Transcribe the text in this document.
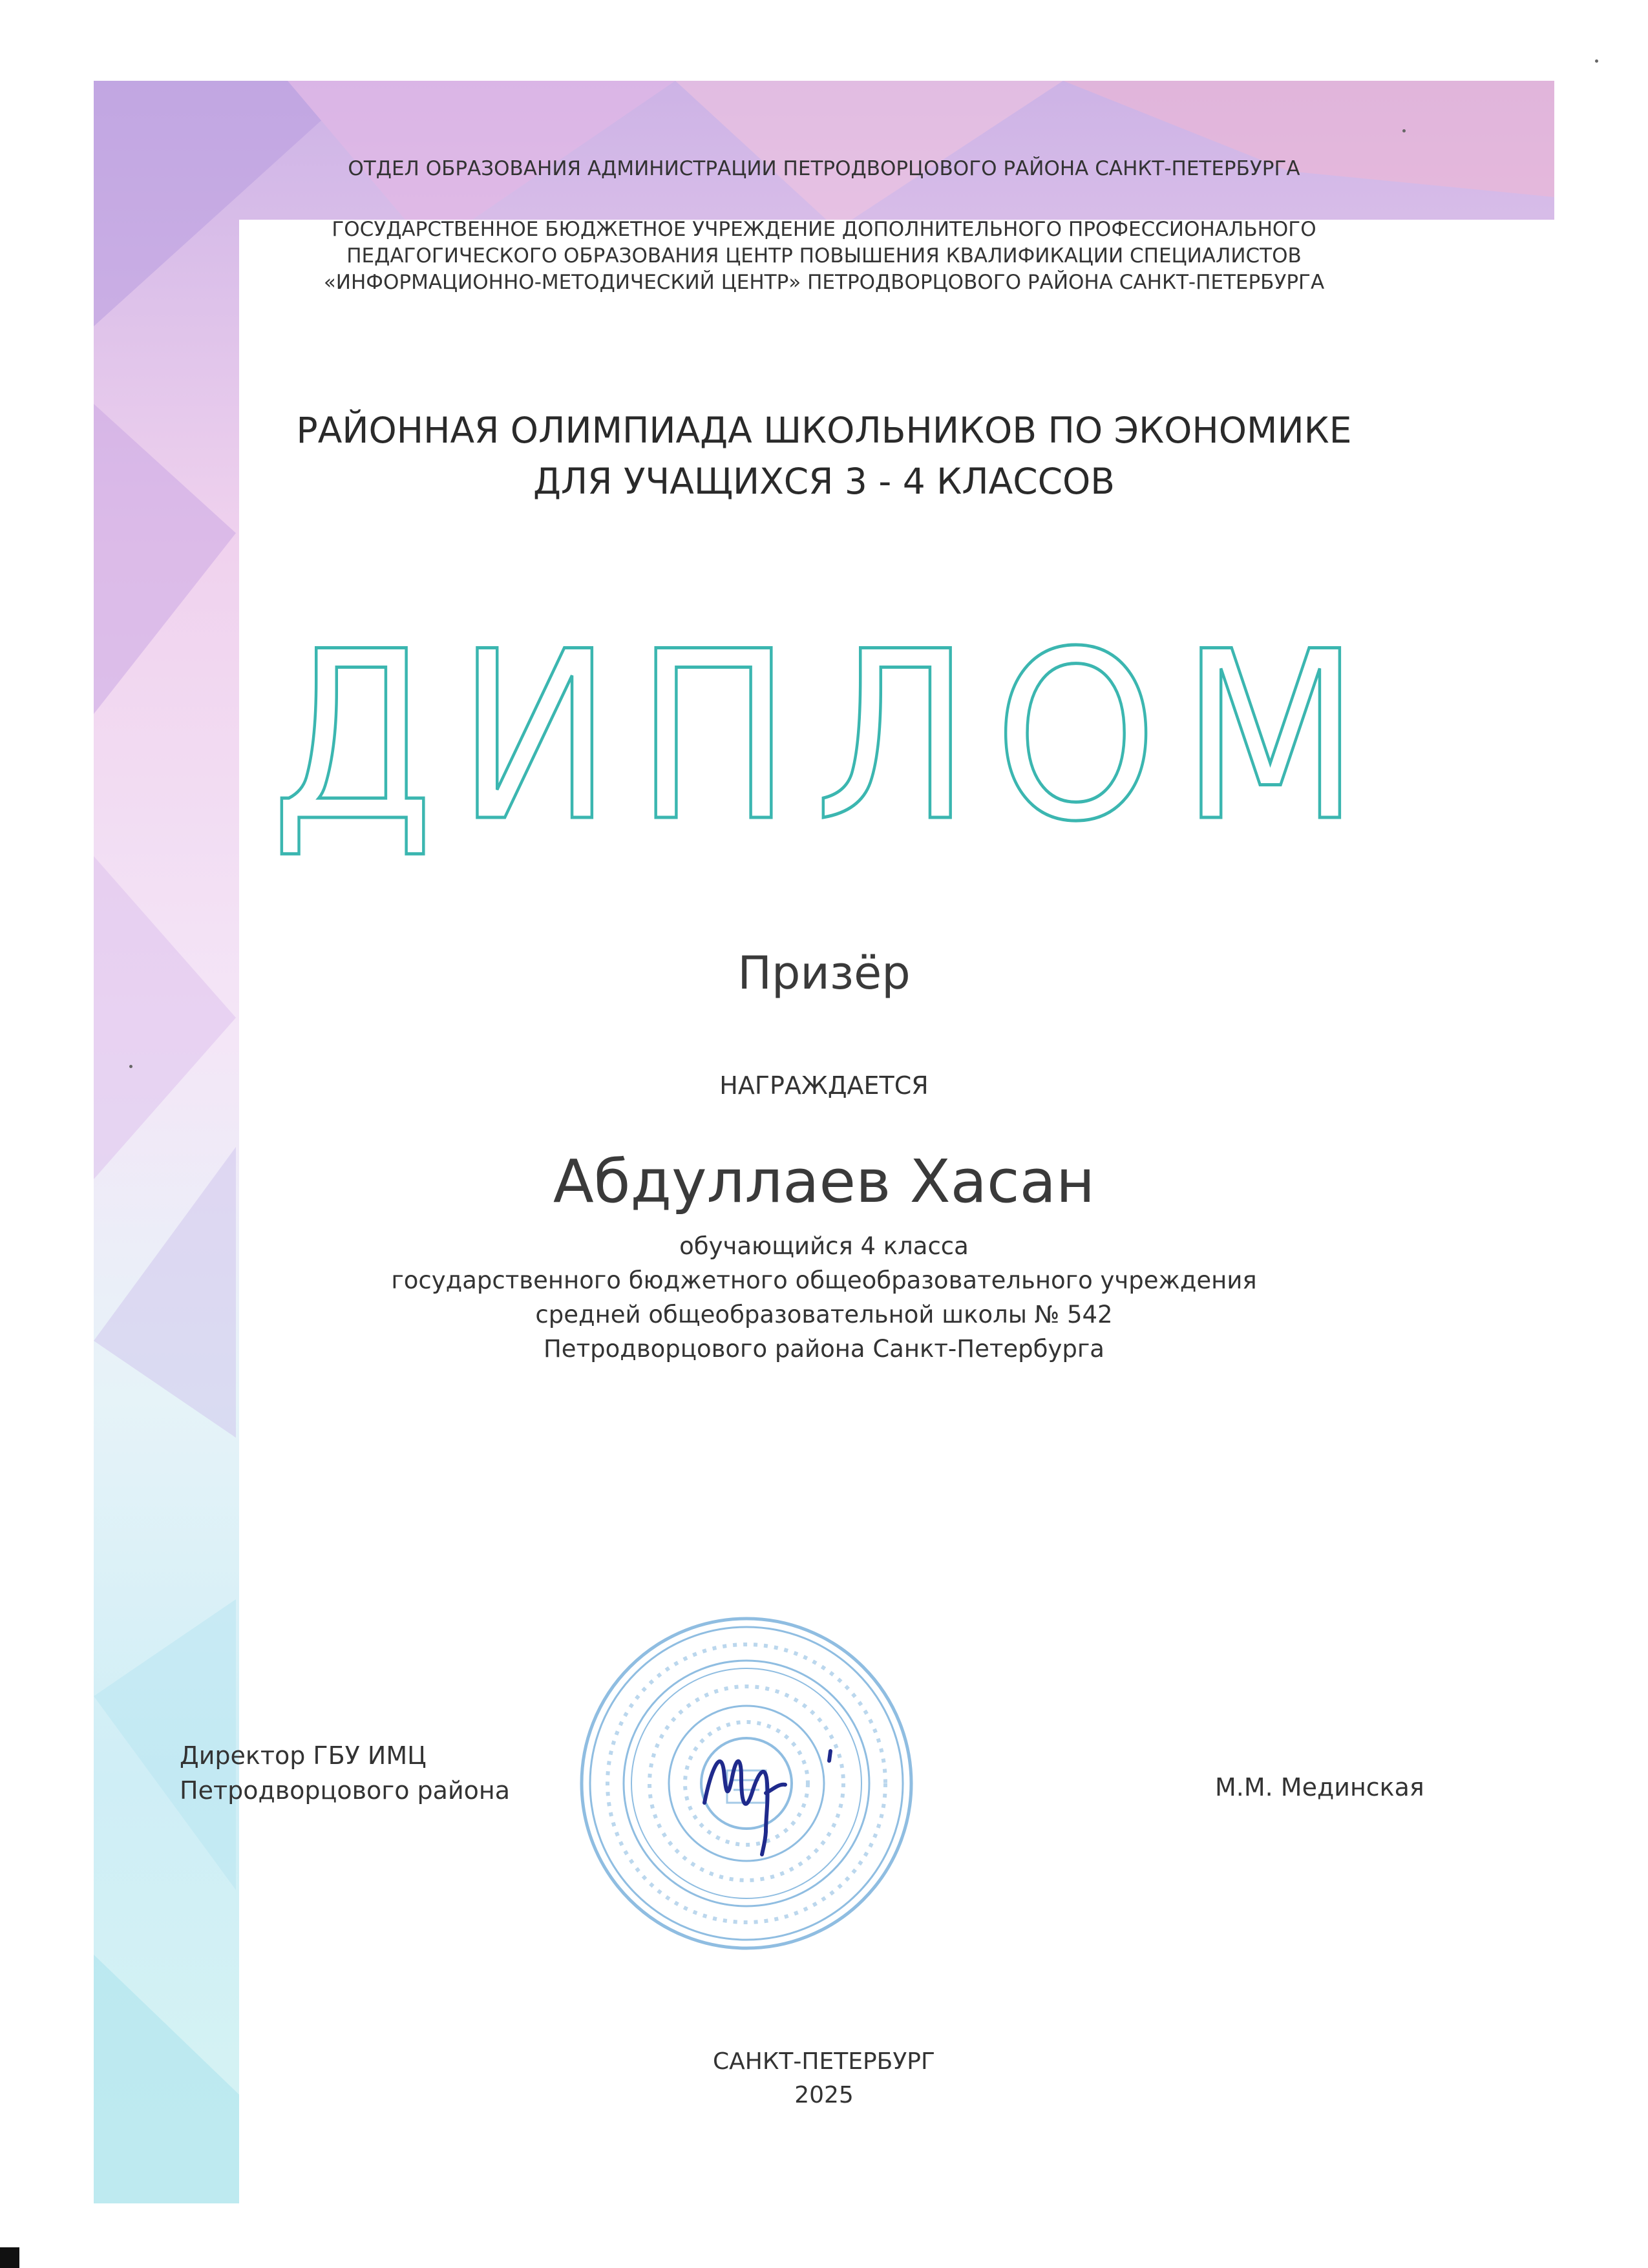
ОТДЕЛ ОБРАЗОВАНИЯ АДМИНИСТРАЦИИ ПЕТРОДВОРЦОВОГО РАЙОНА САНКТ-ПЕТЕРБУРГА
ГОСУДАРСТВЕННОЕ БЮДЖЕТНОЕ УЧРЕЖДЕНИЕ ДОПОЛНИТЕЛЬНОГО ПРОФЕССИОНАЛЬНОГО
ПЕДАГОГИЧЕСКОГО ОБРАЗОВАНИЯ ЦЕНТР ПОВЫШЕНИЯ КВАЛИФИКАЦИИ СПЕЦИАЛИСТОВ
«ИНФОРМАЦИОННО-МЕТОДИЧЕСКИЙ ЦЕНТР» ПЕТРОДВОРЦОВОГО РАЙОНА САНКТ-ПЕТЕРБУРГА
РАЙОННАЯ ОЛИМПИАДА ШКОЛЬНИКОВ ПО ЭКОНОМИКЕ
ДЛЯ УЧАЩИХСЯ 3 - 4 КЛАССОВ
ДИПЛОМ
Призёр
НАГРАЖДАЕТСЯ
Абдуллаев Хасан
обучающийся 4 класса
государственного бюджетного общеобразовательного учреждения
средней общеобразовательной школы № 542
Петродворцового района Санкт-Петербурга
Директор ГБУ ИМЦ
Петродворцового района	М.М. Мединская
САНКТ-ПЕТЕРБУРГ
2025
